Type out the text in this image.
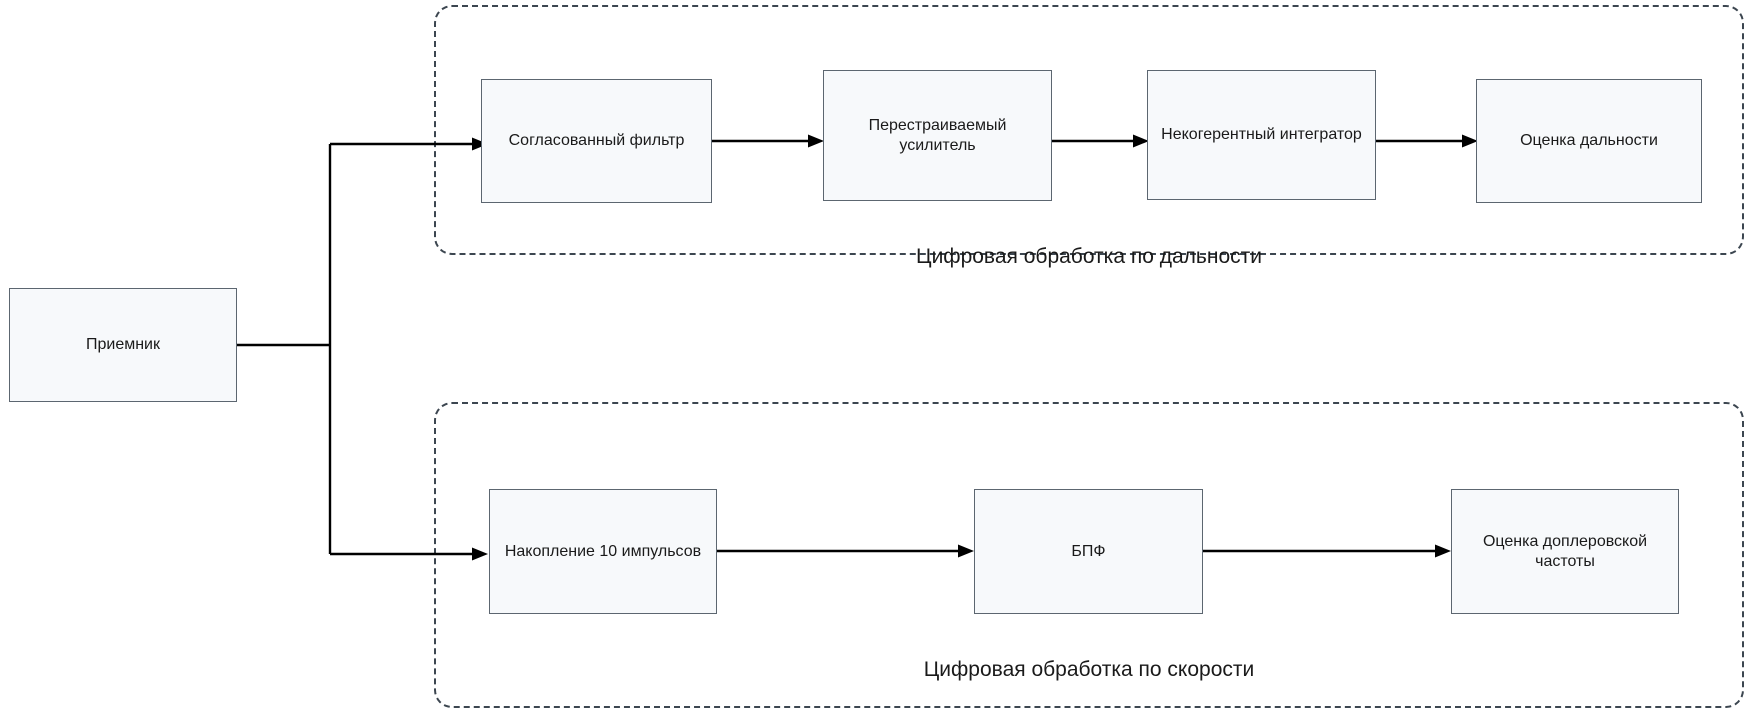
Приемник
Согласованный фильтр
Перестраиваемый усилитель
Некогерентный интегратор	Оценка дальности
Накопление 10 импульсов	БПФ
Оценка доплеровской частоты
Цифровая обработка по дальности
Цифровая обработка по скорости
